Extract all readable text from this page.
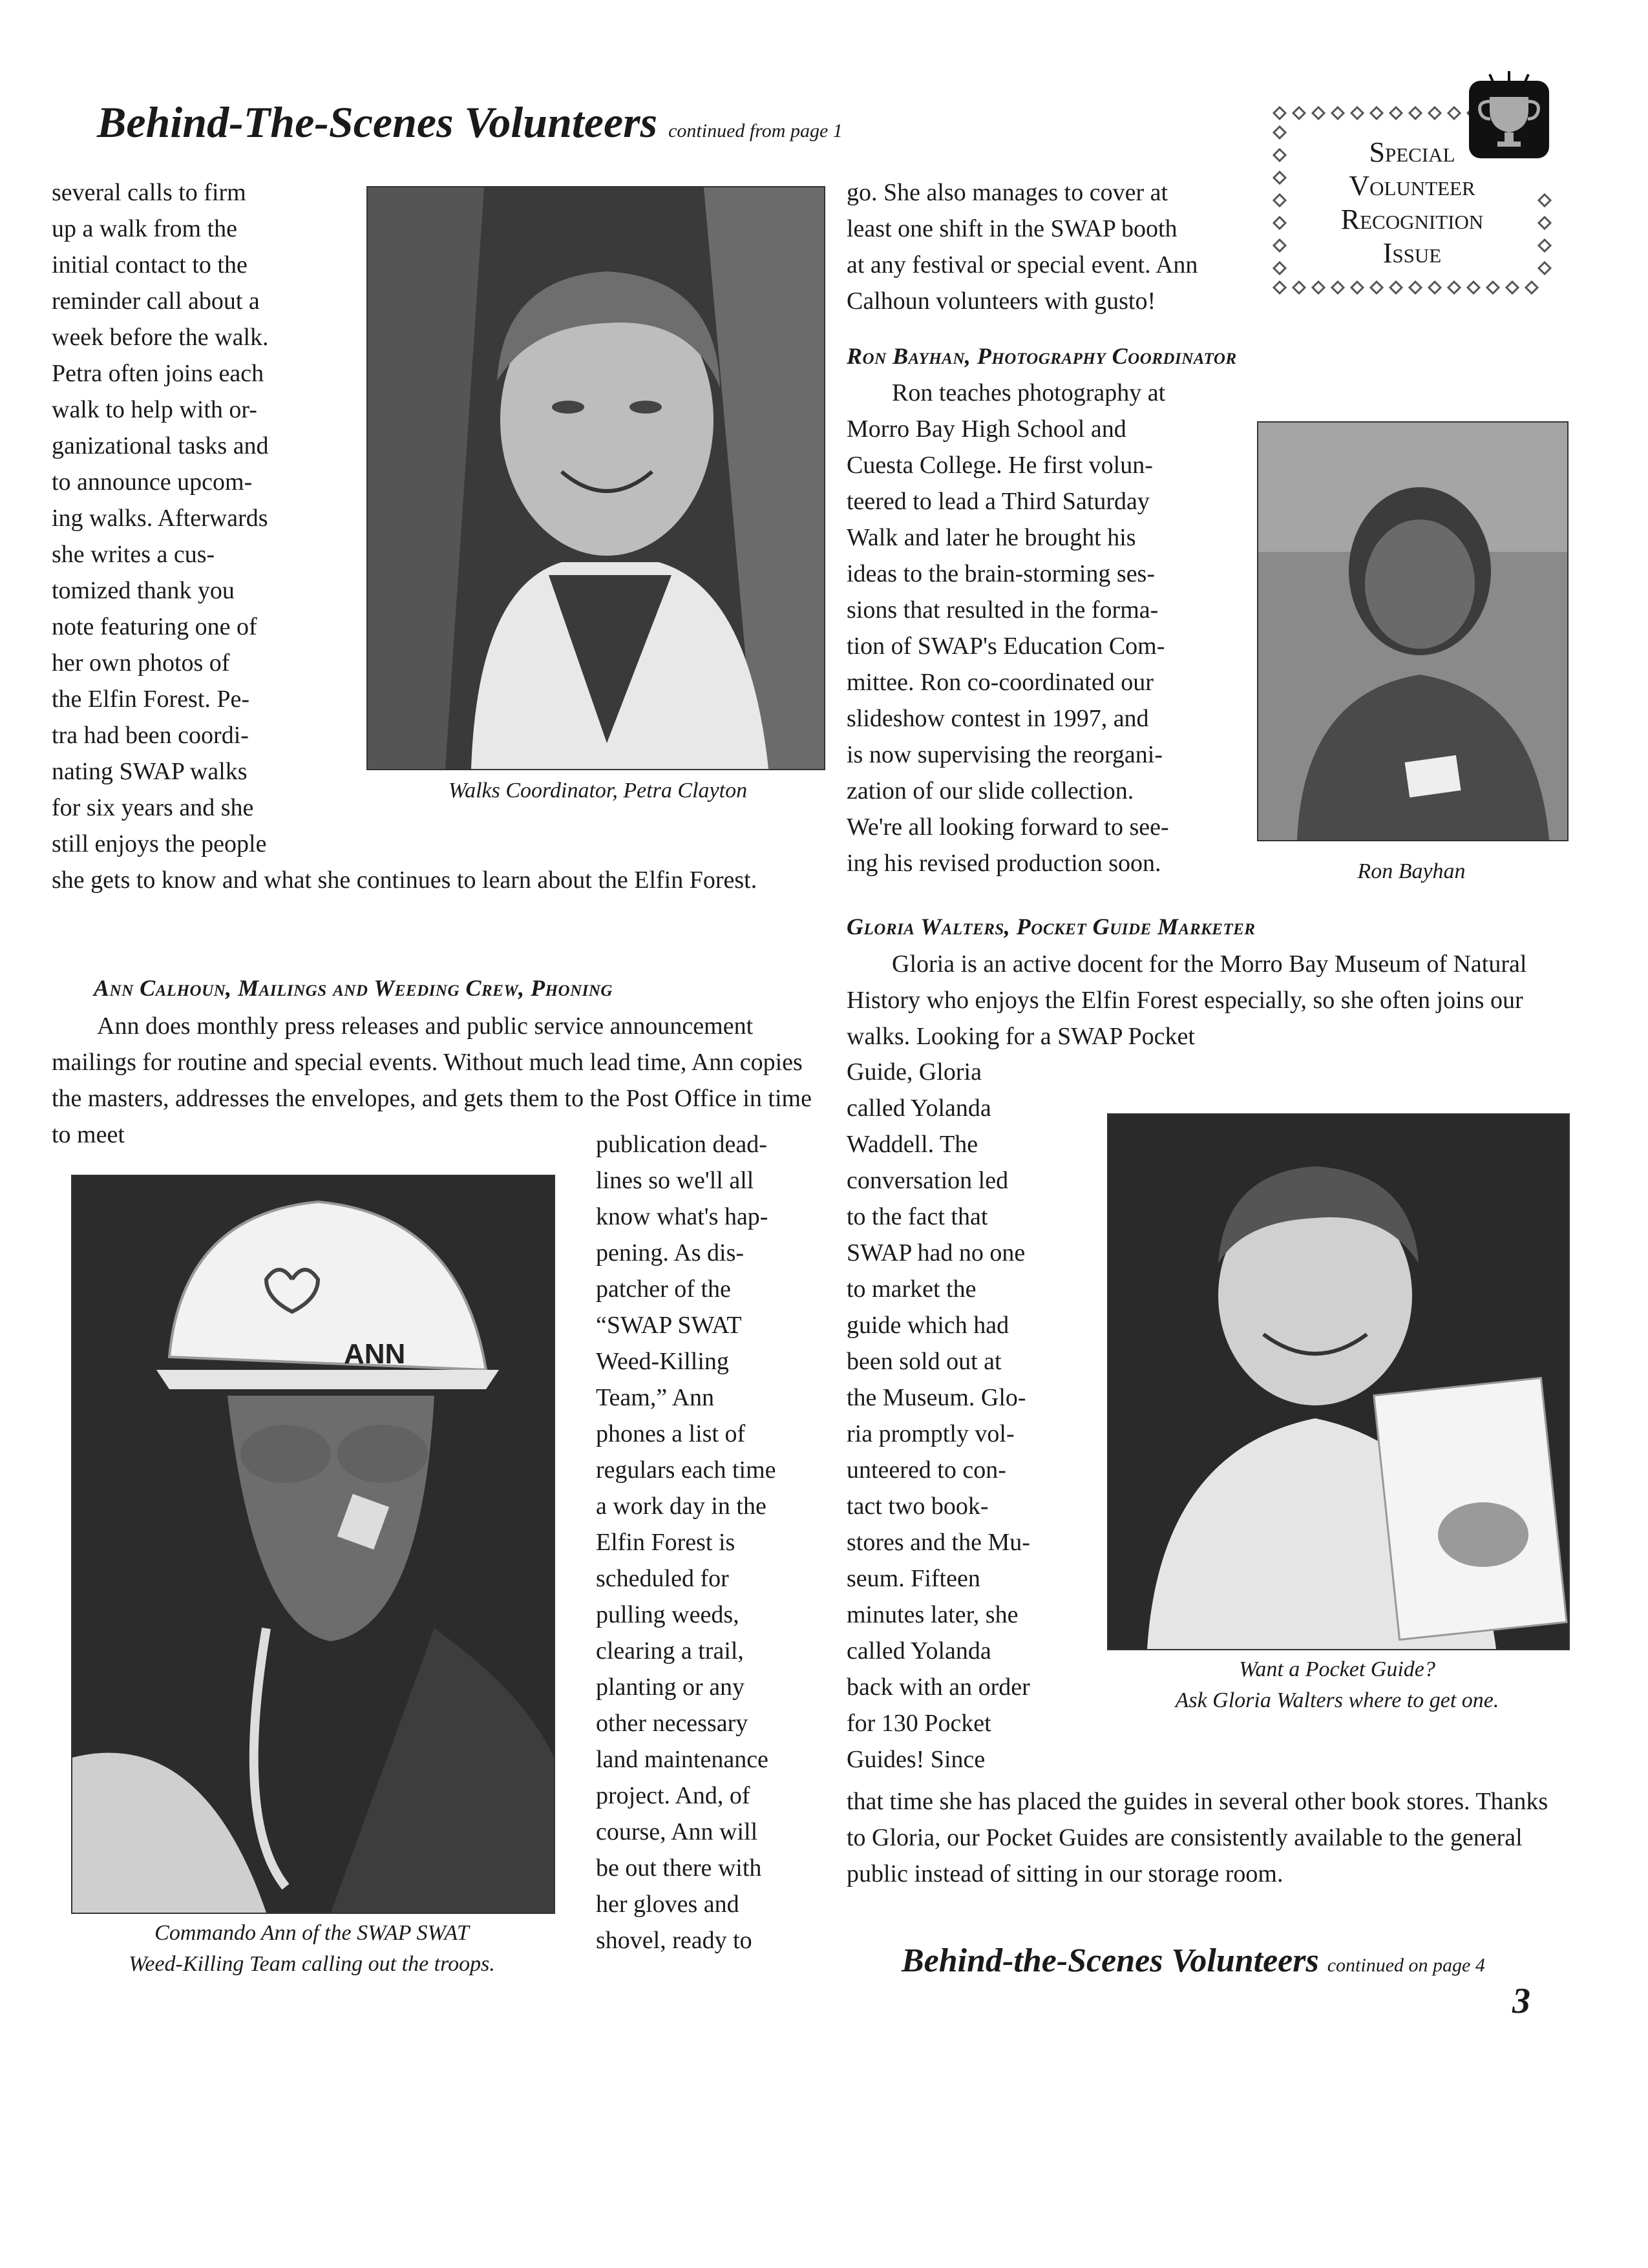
Behind-The-Scenes Volunteers continued from page 1
Special
Volunteer
Recognition
Issue
several calls to firm
up a walk from the
initial contact to the
reminder call about a
week before the walk.
Petra often joins each
walk to help with or-
ganizational tasks and
to announce upcom-
ing walks. Afterwards
she writes a cus-
tomized thank you
note featuring one of
her own photos of
the Elfin Forest. Pe-
tra had been coordi-
nating SWAP walks
for six years and she
still enjoys the people
Walks Coordinator, Petra Clayton
she gets to know and what she continues to learn about the Elfin Forest.
Ann Calhoun, Mailings and Weeding Crew, Phoning
Ann does monthly press releases and public service announcement mailings for routine and special events. Without much lead time, Ann copies the masters, addresses the envelopes, and gets them to the Post Office in time to meet
ANN
Commando Ann of the SWAP SWAT
Weed-Killing Team calling out the troops.
publication dead-
lines so we'll all
know what's hap-
pening. As dis-
patcher of the
“SWAP SWAT
Weed-Killing
Team,” Ann
phones a list of
regulars each time
a work day in the
Elfin Forest is
scheduled for
pulling weeds,
clearing a trail,
planting or any
other necessary
land maintenance
project. And, of
course, Ann will
be out there with
her gloves and
shovel, ready to
go. She also manages to cover at
least one shift in the SWAP booth
at any festival or special event. Ann
Calhoun volunteers with gusto!
Ron Bayhan, Photography Coordinator
Ron teaches photography at
Morro Bay High School and
Cuesta College. He first volun-
teered to lead a Third Saturday
Walk and later he brought his
ideas to the brain-storming ses-
sions that resulted in the forma-
tion of SWAP's Education Com-
mittee. Ron co-coordinated our
slideshow contest in 1997, and
is now supervising the reorgani-
zation of our slide collection.
We're all looking forward to see-
ing his revised production soon.	Ron Bayhan
Gloria Walters, Pocket Guide Marketer
Gloria is an active docent for the Morro Bay Museum of Natural History who enjoys the Elfin Forest especially, so she often joins our walks. Looking for a SWAP Pocket
Guide, Gloria
called Yolanda
Waddell. The
conversation led
to the fact that
SWAP had no one
to market the
guide which had
been sold out at
the Museum. Glo-
ria promptly vol-
unteered to con-
tact two book-
stores and the Mu-
seum. Fifteen
minutes later, she
called Yolanda
back with an order
for 130 Pocket
Guides! Since
Want a Pocket Guide?
Ask Gloria Walters where to get one.
that time she has placed the guides in several other book stores. Thanks to Gloria, our Pocket Guides are consistently available to the general public instead of sitting in our storage room.
Behind-the-Scenes Volunteers continued on page 4
3
